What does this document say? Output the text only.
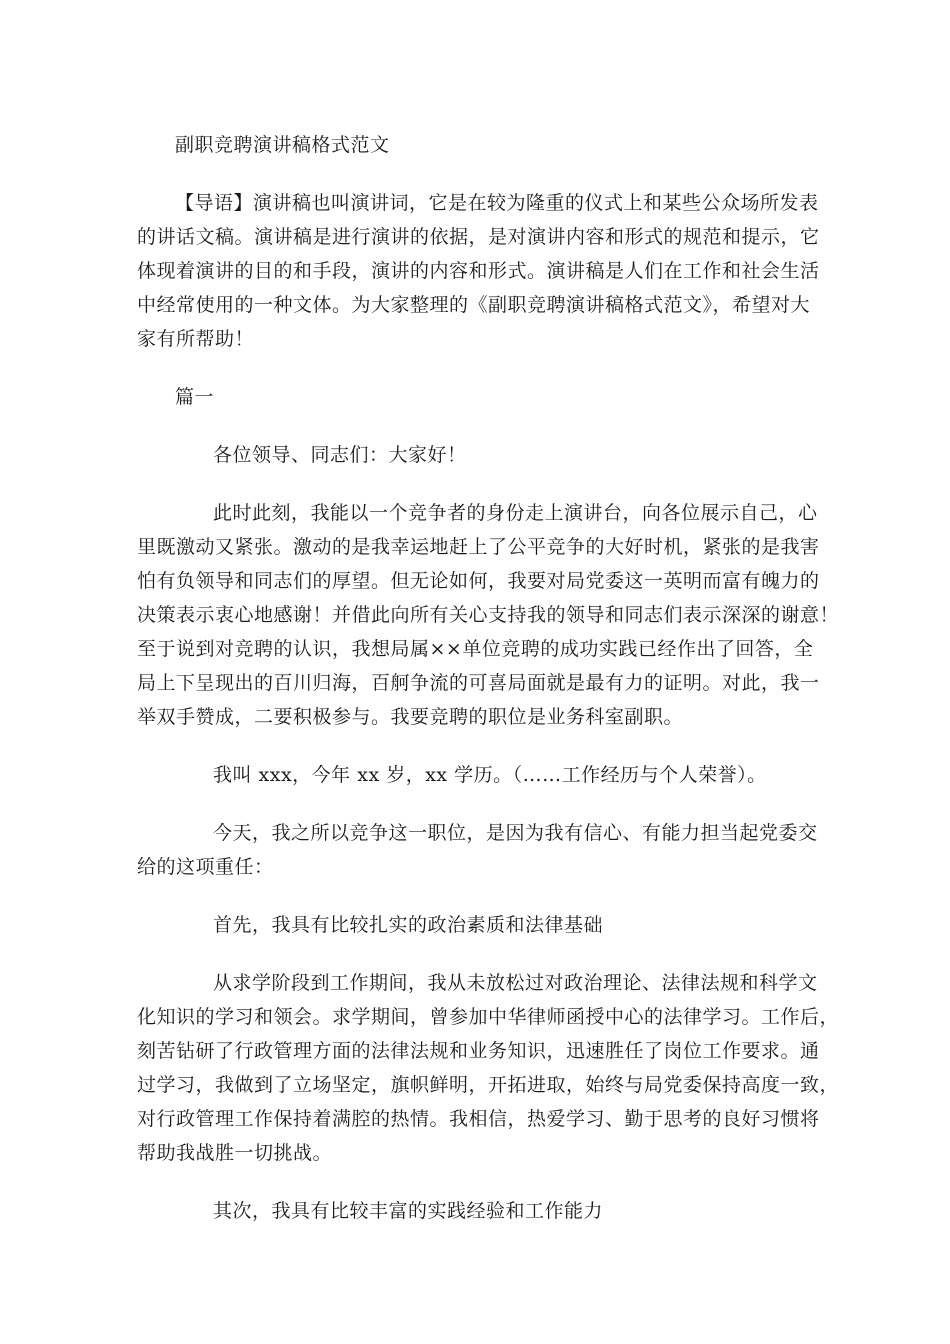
副职竞聘演讲稿格式范文

【导语】演讲稿也叫演讲词，它是在较为隆重的仪式上和某些公众场所发表

的讲话文稿。演讲稿是进行演讲的依据，是对演讲内容和形式的规范和提示，它

体现着演讲的目的和手段，演讲的内容和形式。演讲稿是人们在工作和社会生活

中经常使用的一种文体。为大家整理的《副职竞聘演讲稿格式范文》，希望对大

家有所帮助！

篇一

各位领导、同志们：大家好！

此时此刻，我能以一个竞争者的身份走上演讲台，向各位展示自己，心

里既激动又紧张。激动的是我幸运地赶上了公平竞争的大好时机，紧张的是我害

怕有负领导和同志们的厚望。但无论如何，我要对局党委这一英明而富有魄力的

决策表示衷心地感谢！并借此向所有关心支持我的领导和同志们表示深深的谢意！

至于说到对竞聘的认识，我想局属××单位竞聘的成功实践已经作出了回答，全

局上下呈现出的百川归海，百舸争流的可喜局面就是最有力的证明。对此，我一

举双手赞成，二要积极参与。我要竞聘的职位是业务科室副职。

我叫 xxx，今年 xx 岁，xx 学历。（……工作经历与个人荣誉）。

今天，我之所以竞争这一职位，是因为我有信心、有能力担当起党委交

给的这项重任：

首先，我具有比较扎实的政治素质和法律基础

从求学阶段到工作期间，我从未放松过对政治理论、法律法规和科学文

化知识的学习和领会。求学期间，曾参加中华律师函授中心的法律学习。工作后，

刻苦钻研了行政管理方面的法律法规和业务知识，迅速胜任了岗位工作要求。通

过学习，我做到了立场坚定，旗帜鲜明，开拓进取，始终与局党委保持高度一致，

对行政管理工作保持着满腔的热情。我相信，热爱学习、勤于思考的良好习惯将

帮助我战胜一切挑战。

其次，我具有比较丰富的实践经验和工作能力
